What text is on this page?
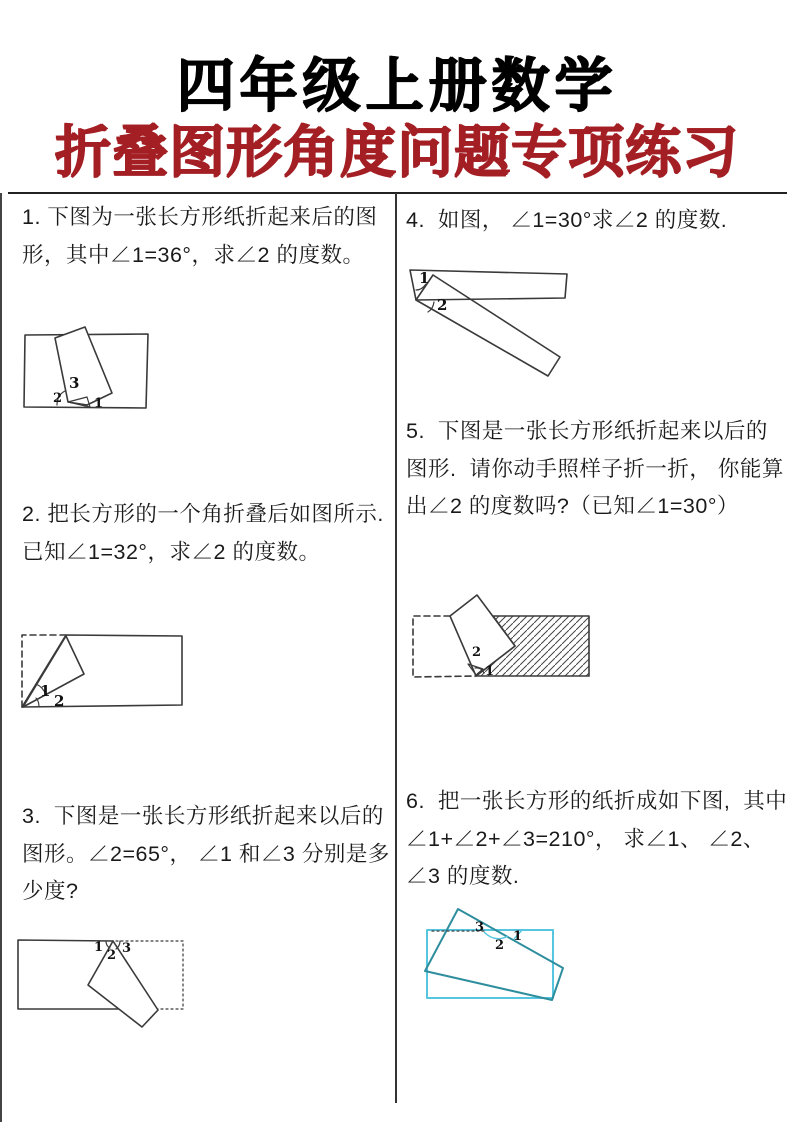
四年级上册数学
折叠图形角度问题专项练习

1. 下图为一张长方形纸折起来后的图形，其中∠1=36°，求∠2 的度数。

2. 把长方形的一个角折叠后如图所示. 已知∠1=32°，求∠2 的度数。

3.  下图是一张长方形纸折起来以后的图形。∠2=65°， ∠1 和∠3 分别是多少度?

4.  如图， ∠1=30°求∠2 的度数.

5.  下图是一张长方形纸折起来以后的图形.  请你动手照样子折一折， 你能算出∠2 的度数吗?（已知∠1=30°）

6.  把一张长方形的纸折成如下图,  其中∠1+∠2+∠3=210°， 求∠1、 ∠2、 ∠3 的度数.

2
3
1
1
2
1
2 3
1
2
2
1
3
2
1
